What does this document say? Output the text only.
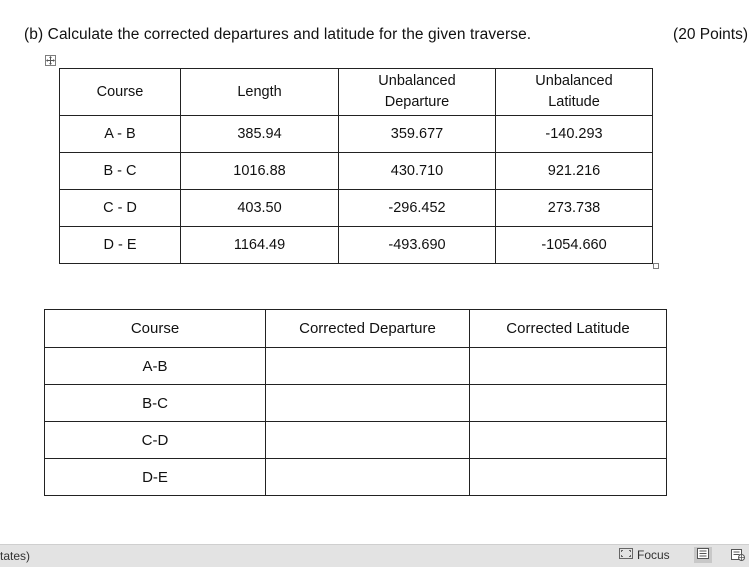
(b) Calculate the corrected departures and latitude for the given traverse.	(20 Points)
Course	Length	Unbalanced Departure	Unbalanced Latitude
A - B	385.94	359.677	-140.293
B - C	1016.88	430.710	921.216
C - D	403.50	-296.452	273.738
D - E	1164.49	-493.690	-1054.660
Course	Corrected Departure	Corrected Latitude
A-B		
B-C		
C-D		
D-E		
tates)	Focus
